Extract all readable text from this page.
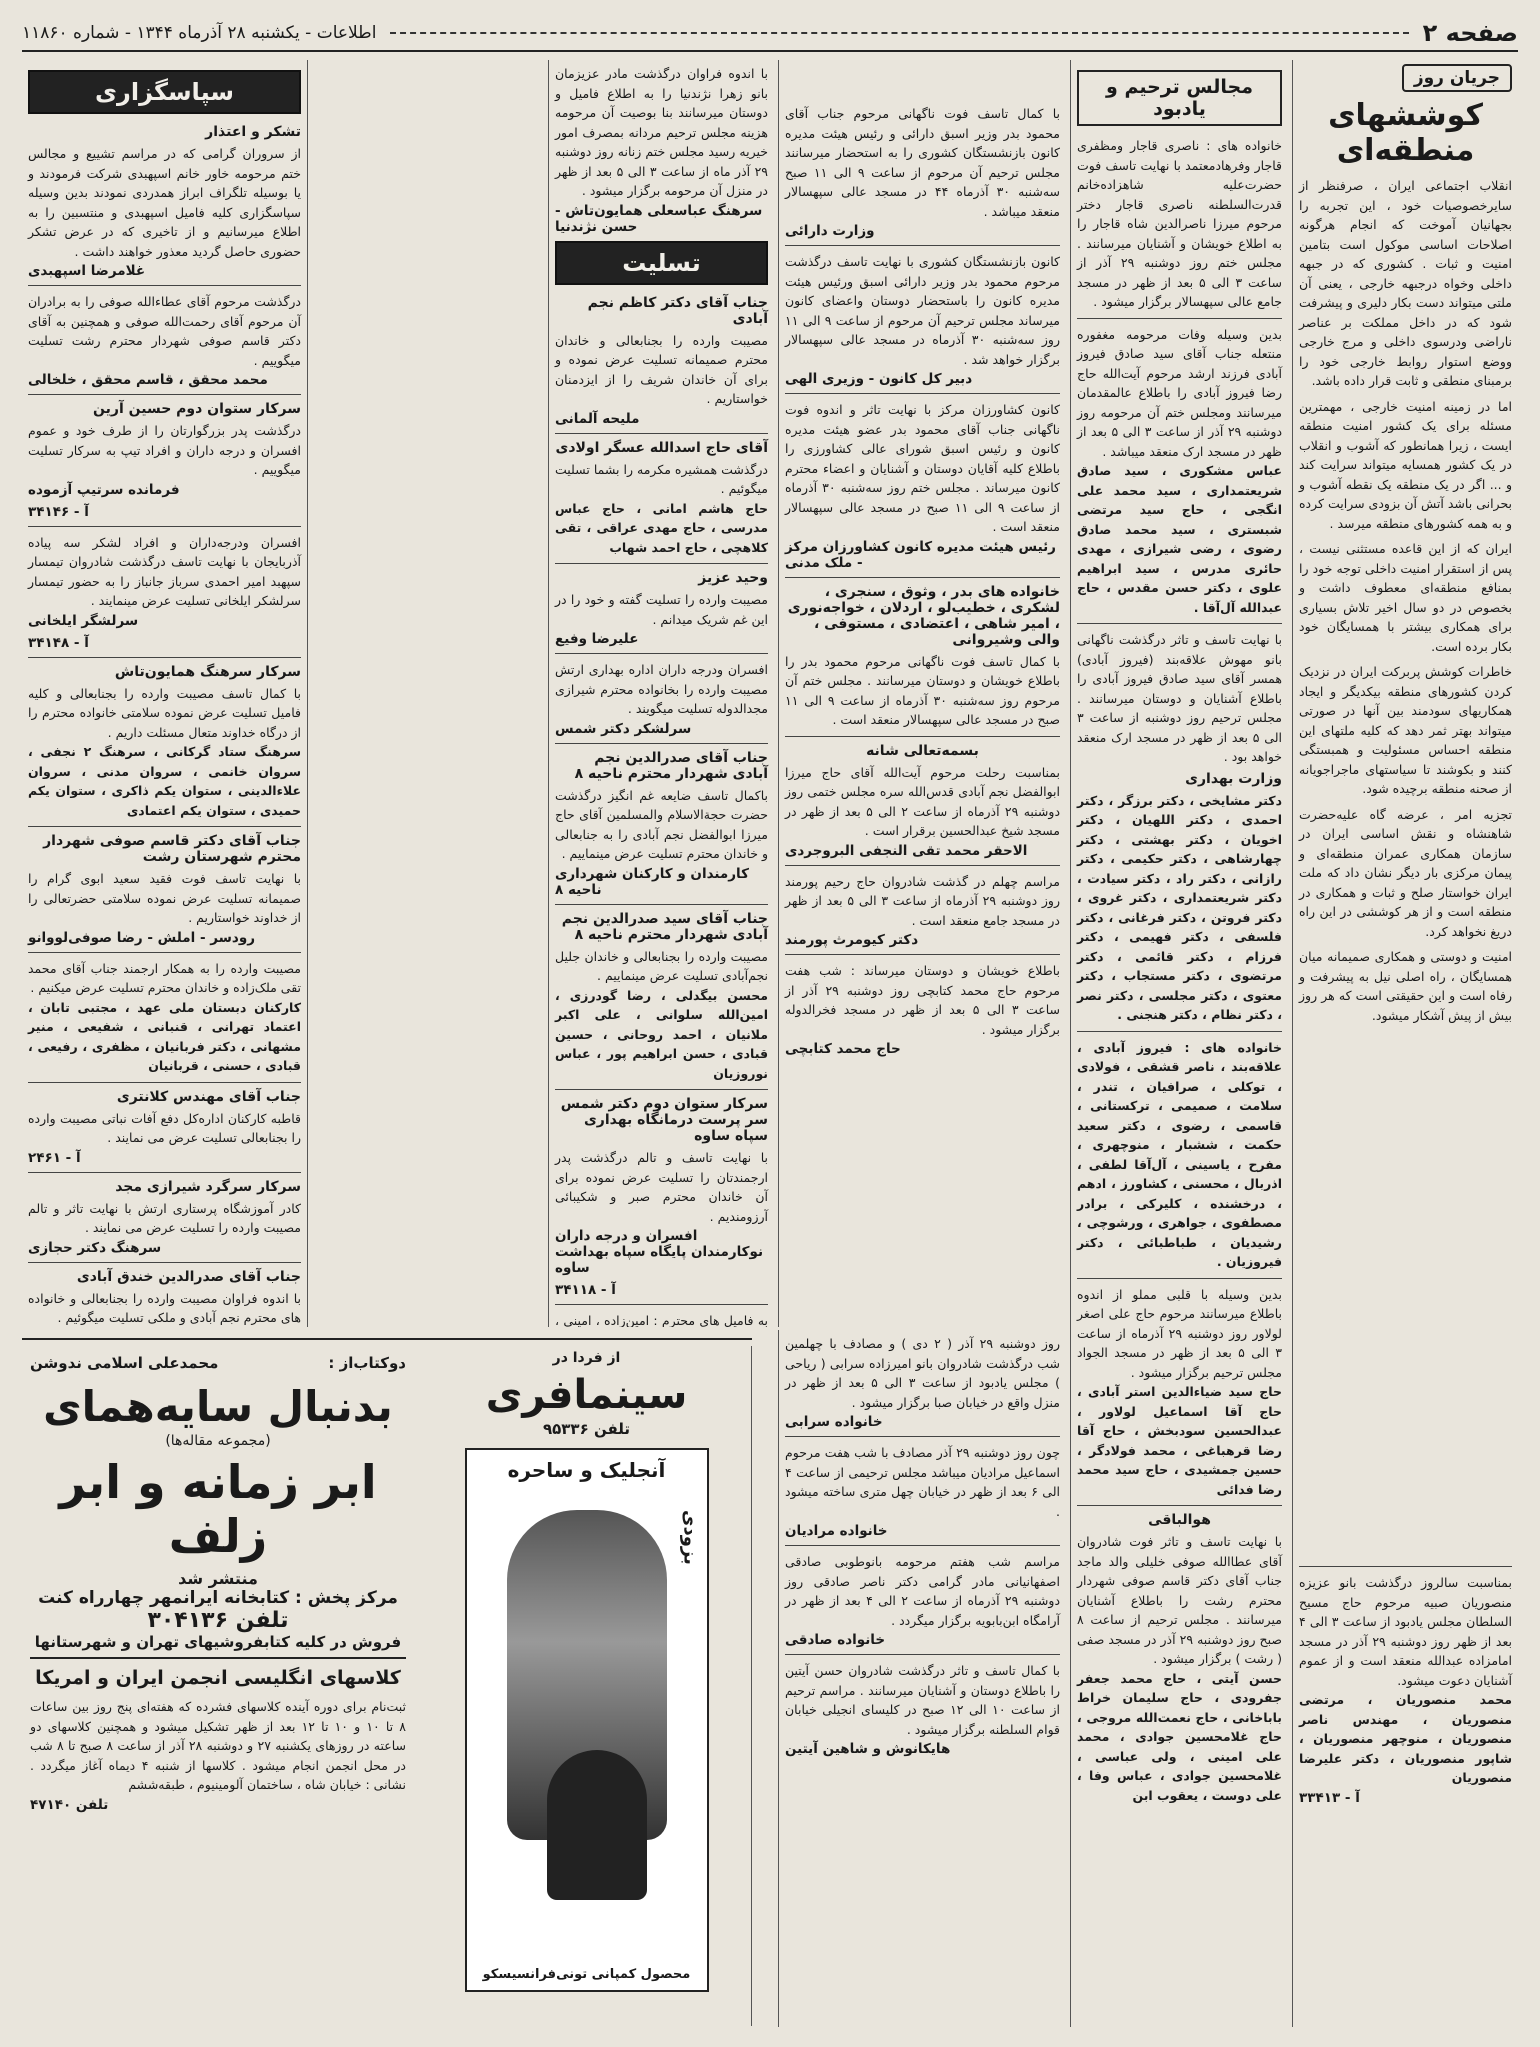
صفحه ۲
اطلاعات - یکشنبه ۲۸ آذرماه ۱۳۴۴ - شماره ۱۱۸۶۰
جریان روز
کوششهای منطقه‌ای
انقلاب اجتماعی ایران ، صرفنظر از سایرخصوصیات خود ، این تجربه را بجهانیان آموخت که انجام هرگونه اصلاحات اساسی موکول است بتامین امنیت و ثبات . کشوری که در جبهه داخلی وخواه درجبهه خارجی ، یعنی آن ملتی میتواند دست بکار دلیری و پیشرفت شود که در داخل مملکت بر عناصر ناراضی ودرسوی داخلی و مرج خارجی ووضع استوار روابط خارجی خود را برمبنای منطقی و ثابت قرار داده باشد.
اما در زمینه امنیت خارجی ، مهمترین مسئله برای یک کشور امنیت منطقه ایست ، زیرا همانطور که آشوب و انقلاب در یک کشور همسایه میتواند سرایت کند و ... اگر در یک منطقه یک نقطه آشوب و بحرانی باشد آتش آن بزودی سرایت کرده و به همه کشورهای منطقه میرسد .
ایران که از این قاعده مستثنی نیست ، پس از استقرار امنیت داخلی توجه خود را بمنافع منطقه‌ای معطوف داشت و بخصوص در دو سال اخیر تلاش بسیاری برای همکاری بیشتر با همسایگان خود بکار برده است.
خاطرات کوشش پربرکت ایران در نزدیک کردن کشورهای منطقه بیکدیگر و ایجاد همکاریهای سودمند بین آنها در صورتی میتواند بهتر ثمر دهد که کلیه ملتهای این منطقه احساس مسئولیت و همبستگی کنند و بکوشند تا سیاستهای ماجراجویانه از صحنه منطقه برچیده شود.
تجزیه امر ، عرضه گاه علیه‌حضرت شاهنشاه و نقش اساسی ایران در سازمان همکاری عمران منطقه‌ای و پیمان مرکزی بار دیگر نشان داد که ملت ایران خواستار صلح و ثبات و همکاری در منطقه است و از هر کوششی در این راه دریغ نخواهد کرد.
امنیت و دوستی و همکاری صمیمانه میان همسایگان ، راه اصلی نیل به پیشرفت و رفاه است و این حقیقتی است که هر روز بیش از پیش آشکار میشود.
بمناسبت سالروز درگذشت بانو عزیزه منصوریان صبیه مرحوم حاج مسیح السلطان مجلس یادبود از ساعت ۳ الی ۴ بعد از ظهر روز دوشنبه ۲۹ آذر در مسجد امامزاده عبدالله منعقد است و از عموم آشنایان دعوت میشود.
محمد منصوریان ، مرتضی منصوریان ، مهندس ناصر منصوریان ، منوچهر منصوریان ، شاپور منصوریان ، دکتر علیرضا منصوریان
آ - ۳۳۴۱۳
مجالس ترحیم و یادبود
خانواده های : ناصری قاجار ومظفری قاجار وفرهادمعتمد با نهایت تاسف فوت حضرت‌علیه شاهزاده‌خانم قدرت‌السلطنه ناصری قاجار دختر مرحوم میرزا ناصرالدین شاه قاجار را به اطلاع خویشان و آشنایان میرسانند . مجلس ختم روز دوشنبه ۲۹ آذر از ساعت ۳ الی ۵ بعد از ظهر در مسجد جامع عالی سپهسالار برگزار میشود .
بدین وسیله وفات مرحومه مغفوره منتعله جناب آقای سید صادق فیروز آبادی فرزند ارشد مرحوم آیت‌الله حاج رضا فیروز آبادی را باطلاع عالمقدمان میرسانند ومجلس ختم آن مرحومه روز دوشنبه ۲۹ آذر از ساعت ۳ الی ۵ بعد از ظهر در مسجد ارک منعقد میباشد .
عباس مشکوری ، سید صادق شریعتمداری ، سید محمد علی انگجی ، حاج سید مرتضی شبستری ، سید محمد صادق رضوی ، رضی شیرازی ، مهدی حائری مدرس ، سید ابراهیم علوی ، دکتر حسن مقدس ، حاج عبدالله آل‌آقا .
با نهایت تاسف و تاثر درگذشت ناگهانی بانو مهوش علاقه‌بند (فیروز آبادی) همسر آقای سید صادق فیروز آبادی را باطلاع آشنایان و دوستان میرسانند . مجلس ترحیم روز دوشنبه از ساعت ۳ الی ۵ بعد از ظهر در مسجد ارک منعقد خواهد بود .
وزارت بهداری
دکتر مشایخی ، دکتر برزگر ، دکتر احمدی ، دکتر اللهیان ، دکتر اخویان ، دکتر بهشتی ، دکتر چهارشاهی ، دکتر حکیمی ، دکتر رازانی ، دکتر راد ، دکتر سیادت ، دکتر شریعتمداری ، دکتر غروی ، دکتر فروتن ، دکتر فرغانی ، دکتر فلسفی ، دکتر فهیمی ، دکتر فرزام ، دکتر قائمی ، دکتر مرتضوی ، دکتر مستجاب ، دکتر معتوی ، دکتر مجلسی ، دکتر نصر ، دکتر نظام ، دکتر هنجنی .
خانواده های : فیروز آبادی ، علاقه‌بند ، ناصر قشقی ، فولادی ، توکلی ، صرافیان ، تندر ، سلامت ، صمیمی ، ترکستانی ، قاسمی ، رضوی ، دکتر سعید حکمت ، ششبار ، منوچهری ، مفرح ، یاسینی ، آل‌آقا لطفی ، اذربال ، محسنی ، کشاورز ، ادهم ، درخشنده ، کلیرکی ، برادر مصطفوی ، جواهری ، ورشوچی ، رشیدیان ، طباطبائی ، دکتر فیروزیان .
بدین وسیله با قلبی مملو از اندوه باطلاع میرسانند مرحوم حاج علی اصغر لولاور روز دوشنبه ۲۹ آذرماه از ساعت ۳ الی ۵ بعد از ظهر در مسجد الجواد مجلس ترحیم برگزار میشود .
حاج سید ضیاءالدین استر آبادی ، حاج آقا اسماعیل لولاور ، عبدالحسین سودبخش ، حاج آقا رضا قرهباغی ، محمد فولادگر ، حسین جمشیدی ، حاج سید محمد رضا فدائی
هوالباقی
با نهایت تاسف و تاثر فوت شادروان آقای عطاالله صوفی خلیلی والد ماجد جناب آقای دکتر قاسم صوفی شهردار محترم رشت را باطلاع آشنایان میرسانند . مجلس ترحیم از ساعت ۸ صبح روز دوشنبه ۲۹ آذر در مسجد صفی ( رشت ) برگزار میشود .
حسن آیتی ، حاج محمد جعفر جفرودی ، حاج سلیمان خراط باباخانی ، حاج نعمت‌الله مروجی ، حاج غلامحسین جوادی ، محمد علی امینی ، ولی عباسی ، غلامحسین جوادی ، عباس وفا ، علی دوست ، یعقوب ابن
با کمال تاسف فوت ناگهانی مرحوم جناب آقای محمود بدر وزیر اسبق دارائی و رئیس هیئت مدیره کانون بازنشستگان کشوری را به استحضار میرسانند مجلس ترحیم آن مرحوم از ساعت ۹ الی ۱۱ صبح سه‌شنبه ۳۰ آذرماه ۴۴ در مسجد عالی سپهسالار منعقد میباشد .
وزارت دارائی
کانون بازنشستگان کشوری با نهایت تاسف درگذشت مرحوم محمود بدر وزیر دارائی اسبق ورئیس هیئت مدیره کانون را باستحضار دوستان واعضای کانون میرساند مجلس ترحیم آن مرحوم از ساعت ۹ الی ۱۱ روز سه‌شنبه ۳۰ آذرماه در مسجد عالی سپهسالار برگزار خواهد شد .
دبیر کل کانون - وزیری الهی
کانون کشاورزان مرکز با نهایت تاثر و اندوه فوت ناگهانی جناب آقای محمود بدر عضو هیئت مدیره کانون و رئیس اسبق شورای عالی کشاورزی را باطلاع کلیه آقایان دوستان و آشنایان و اعضاء محترم کانون میرساند . مجلس ختم روز سه‌شنبه ۳۰ آذرماه از ساعت ۹ الی ۱۱ صبح در مسجد عالی سپهسالار منعقد است .
رئیس هیئت مدیره کانون کشاورزان مرکز - ملک مدنی
خانواده های بدر ، وثوق ، سنجری ، لشکری ، خطیب‌لو ، اردلان ، خواجه‌نوری ، امیر شاهی ، اعتضادی ، مستوفی ، والی وشیروانی
با کمال تاسف فوت ناگهانی مرحوم محمود بدر را باطلاع خویشان و دوستان میرسانند . مجلس ختم آن مرحوم روز سه‌شنبه ۳۰ آذرماه از ساعت ۹ الی ۱۱ صبح در مسجد عالی سپهسالار منعقد است .
بسمه‌تعالی شانه
بمناسبت رحلت مرحوم آیت‌الله آقای حاج میرزا ابوالفضل نجم آبادی قدس‌الله سره مجلس ختمی روز دوشنبه ۲۹ آذرماه از ساعت ۲ الی ۵ بعد از ظهر در مسجد شیخ عبدالحسین برقرار است .
الاحقر محمد تقی النجفی البروجردی
مراسم چهلم در گذشت شادروان حاج رحیم پورمند روز دوشنبه ۲۹ آذرماه از ساعت ۳ الی ۵ بعد از ظهر در مسجد جامع منعقد است .
دکتر کیومرث پورمند
باطلاع خویشان و دوستان میرساند : شب هفت مرحوم حاج محمد کتابچی روز دوشنبه ۲۹ آذر از ساعت ۳ الی ۵ بعد از ظهر در مسجد فخرالدوله برگزار میشود .
حاج محمد کتابچی
روز دوشنبه ۲۹ آذر ( ۲ دی ) و مصادف با چهلمین شب درگذشت شادروان بانو امیرزاده سرابی ( ریاحی ) مجلس یادبود از ساعت ۳ الی ۵ بعد از ظهر در منزل واقع در خیابان صبا برگزار میشود .
خانواده سرابی
چون روز دوشنبه ۲۹ آذر مصادف با شب هفت مرحوم اسماعیل مرادیان میباشد مجلس ترحیمی از ساعت ۴ الی ۶ بعد از ظهر در خیابان چهل متری ساخته میشود .
خانواده مرادیان
مراسم شب هفتم مرحومه بانوطوبی صادقی اصفهانیانی مادر گرامی دکتر ناصر صادقی روز دوشنبه ۲۹ آذرماه از ساعت ۲ الی ۴ بعد از ظهر در آرامگاه ابن‌بابویه برگزار میگردد .
خانواده صادقی
با کمال تاسف و تاثر درگذشت شادروان حسن آیتین را باطلاع دوستان و آشنایان میرسانند . مراسم ترحیم از ساعت ۱۰ الی ۱۲ صبح در کلیسای انجیلی خیابان قوام السلطنه برگزار میشود .
هایکانوش و شاهین آیتین
با اندوه فراوان درگذشت مادر عزیزمان بانو زهرا نژندنیا را به اطلاع فامیل و دوستان میرسانند بنا بوصیت آن مرحومه هزینه مجلس ترحیم مردانه بمصرف امور خیریه رسید مجلس ختم زنانه روز دوشنبه ۲۹ آذر ماه از ساعت ۳ الی ۵ بعد از ظهر در منزل آن مرحومه برگزار میشود .
سرهنگ عباسعلی همایون‌تاش - حسن نژندنیا
تسلیت
جناب آقای دکتر کاظم نجم آبادی
مصیبت وارده را بجنابعالی و خاندان محترم صمیمانه تسلیت عرض نموده و برای آن خاندان شریف را از ایزدمنان خواستاریم .
ملیحه آلمانی
آقای حاج اسدالله عسگر اولادی
درگذشت همشیره مکرمه را بشما تسلیت میگوئیم .
حاج هاشم امانی ، حاج عباس مدرسی ، حاج مهدی عراقی ، تقی کلاهچی ، حاج احمد شهاب
وحید عزیز
مصیبت وارده را تسلیت گفته و خود را در این غم شریک میدانم .
علیرضا وفیع
افسران ودرجه داران اداره بهداری ارتش مصیبت وارده را بخانواده محترم شیرازی مجدالدوله تسلیت میگویند .
سرلشکر دکتر شمس
جناب آقای صدرالدین نجم آبادی شهردار محترم ناحیه ۸
باکمال تاسف ضایعه غم انگیز درگذشت حضرت حجةالاسلام والمسلمین آقای حاج میرزا ابوالفضل نجم آبادی را به جنابعالی و خاندان محترم تسلیت عرض مینماییم .
کارمندان و کارکنان شهرداری ناحیه ۸
جناب آقای سید صدرالدین نجم آبادی شهردار محترم ناحیه ۸
مصیبت وارده را بجنابعالی و خاندان جلیل نجم‌آبادی تسلیت عرض مینماییم .
محسن بیگدلی ، رضا گودرزی ، امین‌الله سلوانی ، علی اکبر ملانیان ، احمد روحانی ، حسین قبادی ، حسن ابراهیم پور ، عباس نوروزیان
سرکار ستوان دوم دکتر شمس سر پرست درمانگاه بهداری سپاه ساوه
با نهایت تاسف و تالم درگذشت پدر ارجمندتان را تسلیت عرض نموده برای آن خاندان محترم صبر و شکیبائی آرزومندیم .
افسران و درجه داران نوکارمندان پایگاه سپاه بهداشت ساوه
آ - ۳۴۱۱۸
به فامیل های محترم : امین‌زاده ، امینی ،
سپاسگزاری
تشکر و اعتذار
از سروران گرامی که در مراسم تشییع و مجالس ختم مرحومه خاور خانم اسپهبدی شرکت فرمودند و یا بوسیله تلگراف ابراز همدردی نمودند بدین وسیله سپاسگزاری کلیه فامیل اسپهبدی و منتسبین را به اطلاع میرسانیم و از تاخیری که در عرض تشکر حضوری حاصل گردید معذور خواهند داشت .
غلامرضا اسپهبدی
درگذشت مرحوم آقای عطاءالله صوفی را به برادران آن مرحوم آقای رحمت‌الله صوفی و همچنین به آقای دکتر قاسم صوفی شهردار محترم رشت تسلیت میگوییم .
محمد محقق ، قاسم محقق ، خلخالی
سرکار ستوان دوم حسین آرین
درگذشت پدر بزرگوارتان را از طرف خود و عموم افسران و درجه داران و افراد تیپ به سرکار تسلیت میگوییم .
فرمانده سرتیپ آزموده
آ - ۳۴۱۴۶
افسران ودرجه‌داران و افراد لشکر سه پیاده آذربایجان با نهایت تاسف درگذشت شادروان تیمسار سپهبد امیر احمدی سرباز جانباز را به حضور تیمسار سرلشکر ایلخانی تسلیت عرض مینمایند .
سرلشگر ایلخانی
آ - ۳۴۱۴۸
سرکار سرهنگ همایون‌تاش
با کمال تاسف مصیبت وارده را بجنابعالی و کلیه فامیل تسلیت عرض نموده سلامتی خانواده محترم را از درگاه خداوند متعال مسئلت داریم .
سرهنگ ستاد گرکانی ، سرهنگ ۲ نجفی ، سروان خانمی ، سروان مدنی ، سروان علاءالدینی ، ستوان یکم ذاکری ، ستوان یکم حمیدی ، ستوان یکم اعتمادی
جناب آقای دکتر قاسم صوفی شهردار محترم شهرستان رشت
با نهایت تاسف فوت فقید سعید ابوی گرام را صمیمانه تسلیت عرض نموده سلامتی حضرتعالی را از خداوند خواستاریم .
رودسر - املش - رضا صوفی‌لووانو
مصیبت وارده را به همکار ارجمند جناب آقای محمد تقی ملک‌زاده و خاندان محترم تسلیت عرض میکنیم .
کارکنان دبستان ملی عهد ، مجتبی تابان ، اعتماد تهرانی ، قنبانی ، شفیعی ، منیر مشهانی ، دکتر فربانیان ، مظفری ، رفیعی ، قبادی ، حسنی ، قربانیان
جناب آقای مهندس کلانتری
قاطبه کارکنان اداره‌کل دفع آفات نباتی مصیبت وارده را بجنابعالی تسلیت عرض می نمایند .
آ - ۲۴۶۱
سرکار سرگرد شیرازی مجد
کادر آموزشگاه پرستاری ارتش با نهایت تاثر و تالم مصیبت وارده را تسلیت عرض می نمایند .
سرهنگ دکتر حجازی
جناب آقای صدرالدین خندق آبادی
با اندوه فراوان مصیبت وارده را بجنابعالی و خانواده های محترم نجم آبادی و ملکی تسلیت میگوئیم .
دوکتاب‌از :
محمدعلی اسلامی ندوشن
بدنبال سایه‌همای
(مجموعه مقاله‌ها)
ابر زمانه و ابر زلف
منتشر شد
مرکز پخش : کتابخانه ایرانمهر چهارراه کنت
تلفن ۳۰۴۱۳۶
فروش در کلیه کتابفروشیهای تهران و شهرستانها
کلاسهای انگلیسی انجمن ایران و امریکا
ثبت‌نام برای دوره آینده کلاسهای فشرده که هفته‌ای پنج روز بین ساعات ۸ تا ۱۰ و ۱۰ تا ۱۲ بعد از ظهر تشکیل میشود و همچنین کلاسهای دو ساعته در روزهای یکشنبه ۲۷ و دوشنبه ۲۸ آذر از ساعت ۸ صبح تا ۸ شب در محل انجمن انجام میشود . کلاسها از شنبه ۴ دیماه آغاز میگردد . نشانی : خیابان شاه ، ساختمان آلومینیوم ، طبقه‌ششم
تلفن ۴۷۱۴۰
از فردا در
سینمافری
تلفن ۹۵۳۳۶
آنجلیک و ساحره
بزودی
محصول کمپانی تونی‌فرانسیسکو
